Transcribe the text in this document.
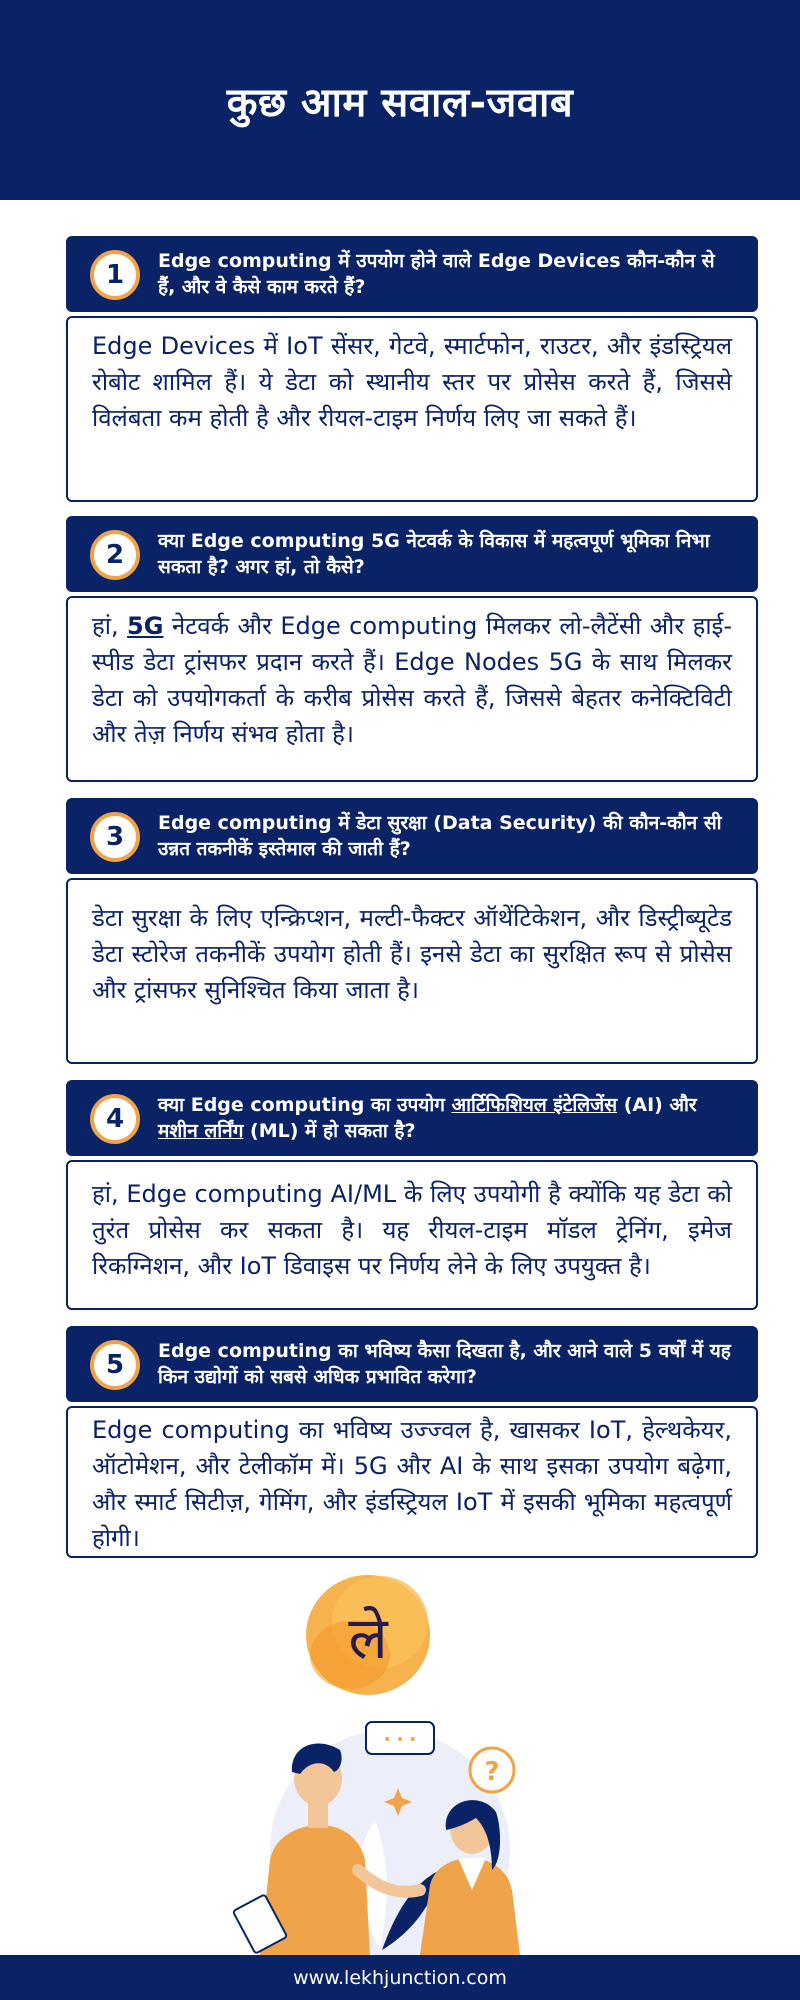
कुछ आम सवाल-जवाब
1	Edge computing में उपयोग होने वाले Edge Devices कौन-कौन से हैं, और वे कैसे काम करते हैं?

Edge Devices में IoT सेंसर, गेटवे, स्मार्टफोन, राउटर, और इंडस्ट्रियल रोबोट शामिल हैं। ये डेटा को स्थानीय स्तर पर प्रोसेस करते हैं, जिससे विलंबता कम होती है और रीयल-टाइम निर्णय लिए जा सकते हैं।

2	क्या Edge computing 5G नेटवर्क के विकास में महत्वपूर्ण भूमिका निभा सकता है? अगर हां, तो कैसे?

हां, 5G नेटवर्क और Edge computing मिलकर लो-लैटेंसी और हाई-स्पीड डेटा ट्रांसफर प्रदान करते हैं। Edge Nodes 5G के साथ मिलकर डेटा को उपयोगकर्ता के करीब प्रोसेस करते हैं, जिससे बेहतर कनेक्टिविटी और तेज़ निर्णय संभव होता है।

3	Edge computing में डेटा सुरक्षा (Data Security) की कौन-कौन सी उन्नत तकनीकें इस्तेमाल की जाती हैं?

डेटा सुरक्षा के लिए एन्क्रिप्शन, मल्टी-फैक्टर ऑथेंटिकेशन, और डिस्ट्रीब्यूटेड डेटा स्टोरेज तकनीकें उपयोग होती हैं। इनसे डेटा का सुरक्षित रूप से प्रोसेस और ट्रांसफर सुनिश्चित किया जाता है।

4	क्या Edge computing का उपयोग आर्टिफिशियल इंटेलिजेंस (AI) और मशीन लर्निंग (ML) में हो सकता है?

हां, Edge computing AI/ML के लिए उपयोगी है क्योंकि यह डेटा को तुरंत प्रोसेस कर सकता है। यह रीयल-टाइम मॉडल ट्रेनिंग, इमेज रिकग्निशन, और IoT डिवाइस पर निर्णय लेने के लिए उपयुक्त है।

5	Edge computing का भविष्य कैसा दिखता है, और आने वाले 5 वर्षों में यह किन उद्योगों को सबसे अधिक प्रभावित करेगा?

Edge computing का भविष्य उज्ज्वल है, खासकर IoT, हेल्थकेयर, ऑटोमेशन, और टेलीकॉम में। 5G और AI के साथ इसका उपयोग बढ़ेगा, और स्मार्ट सिटीज़, गेमिंग, और इंडस्ट्रियल IoT में इसकी भूमिका महत्वपूर्ण होगी।

ले
• • •
?
www.lekhjunction.com
